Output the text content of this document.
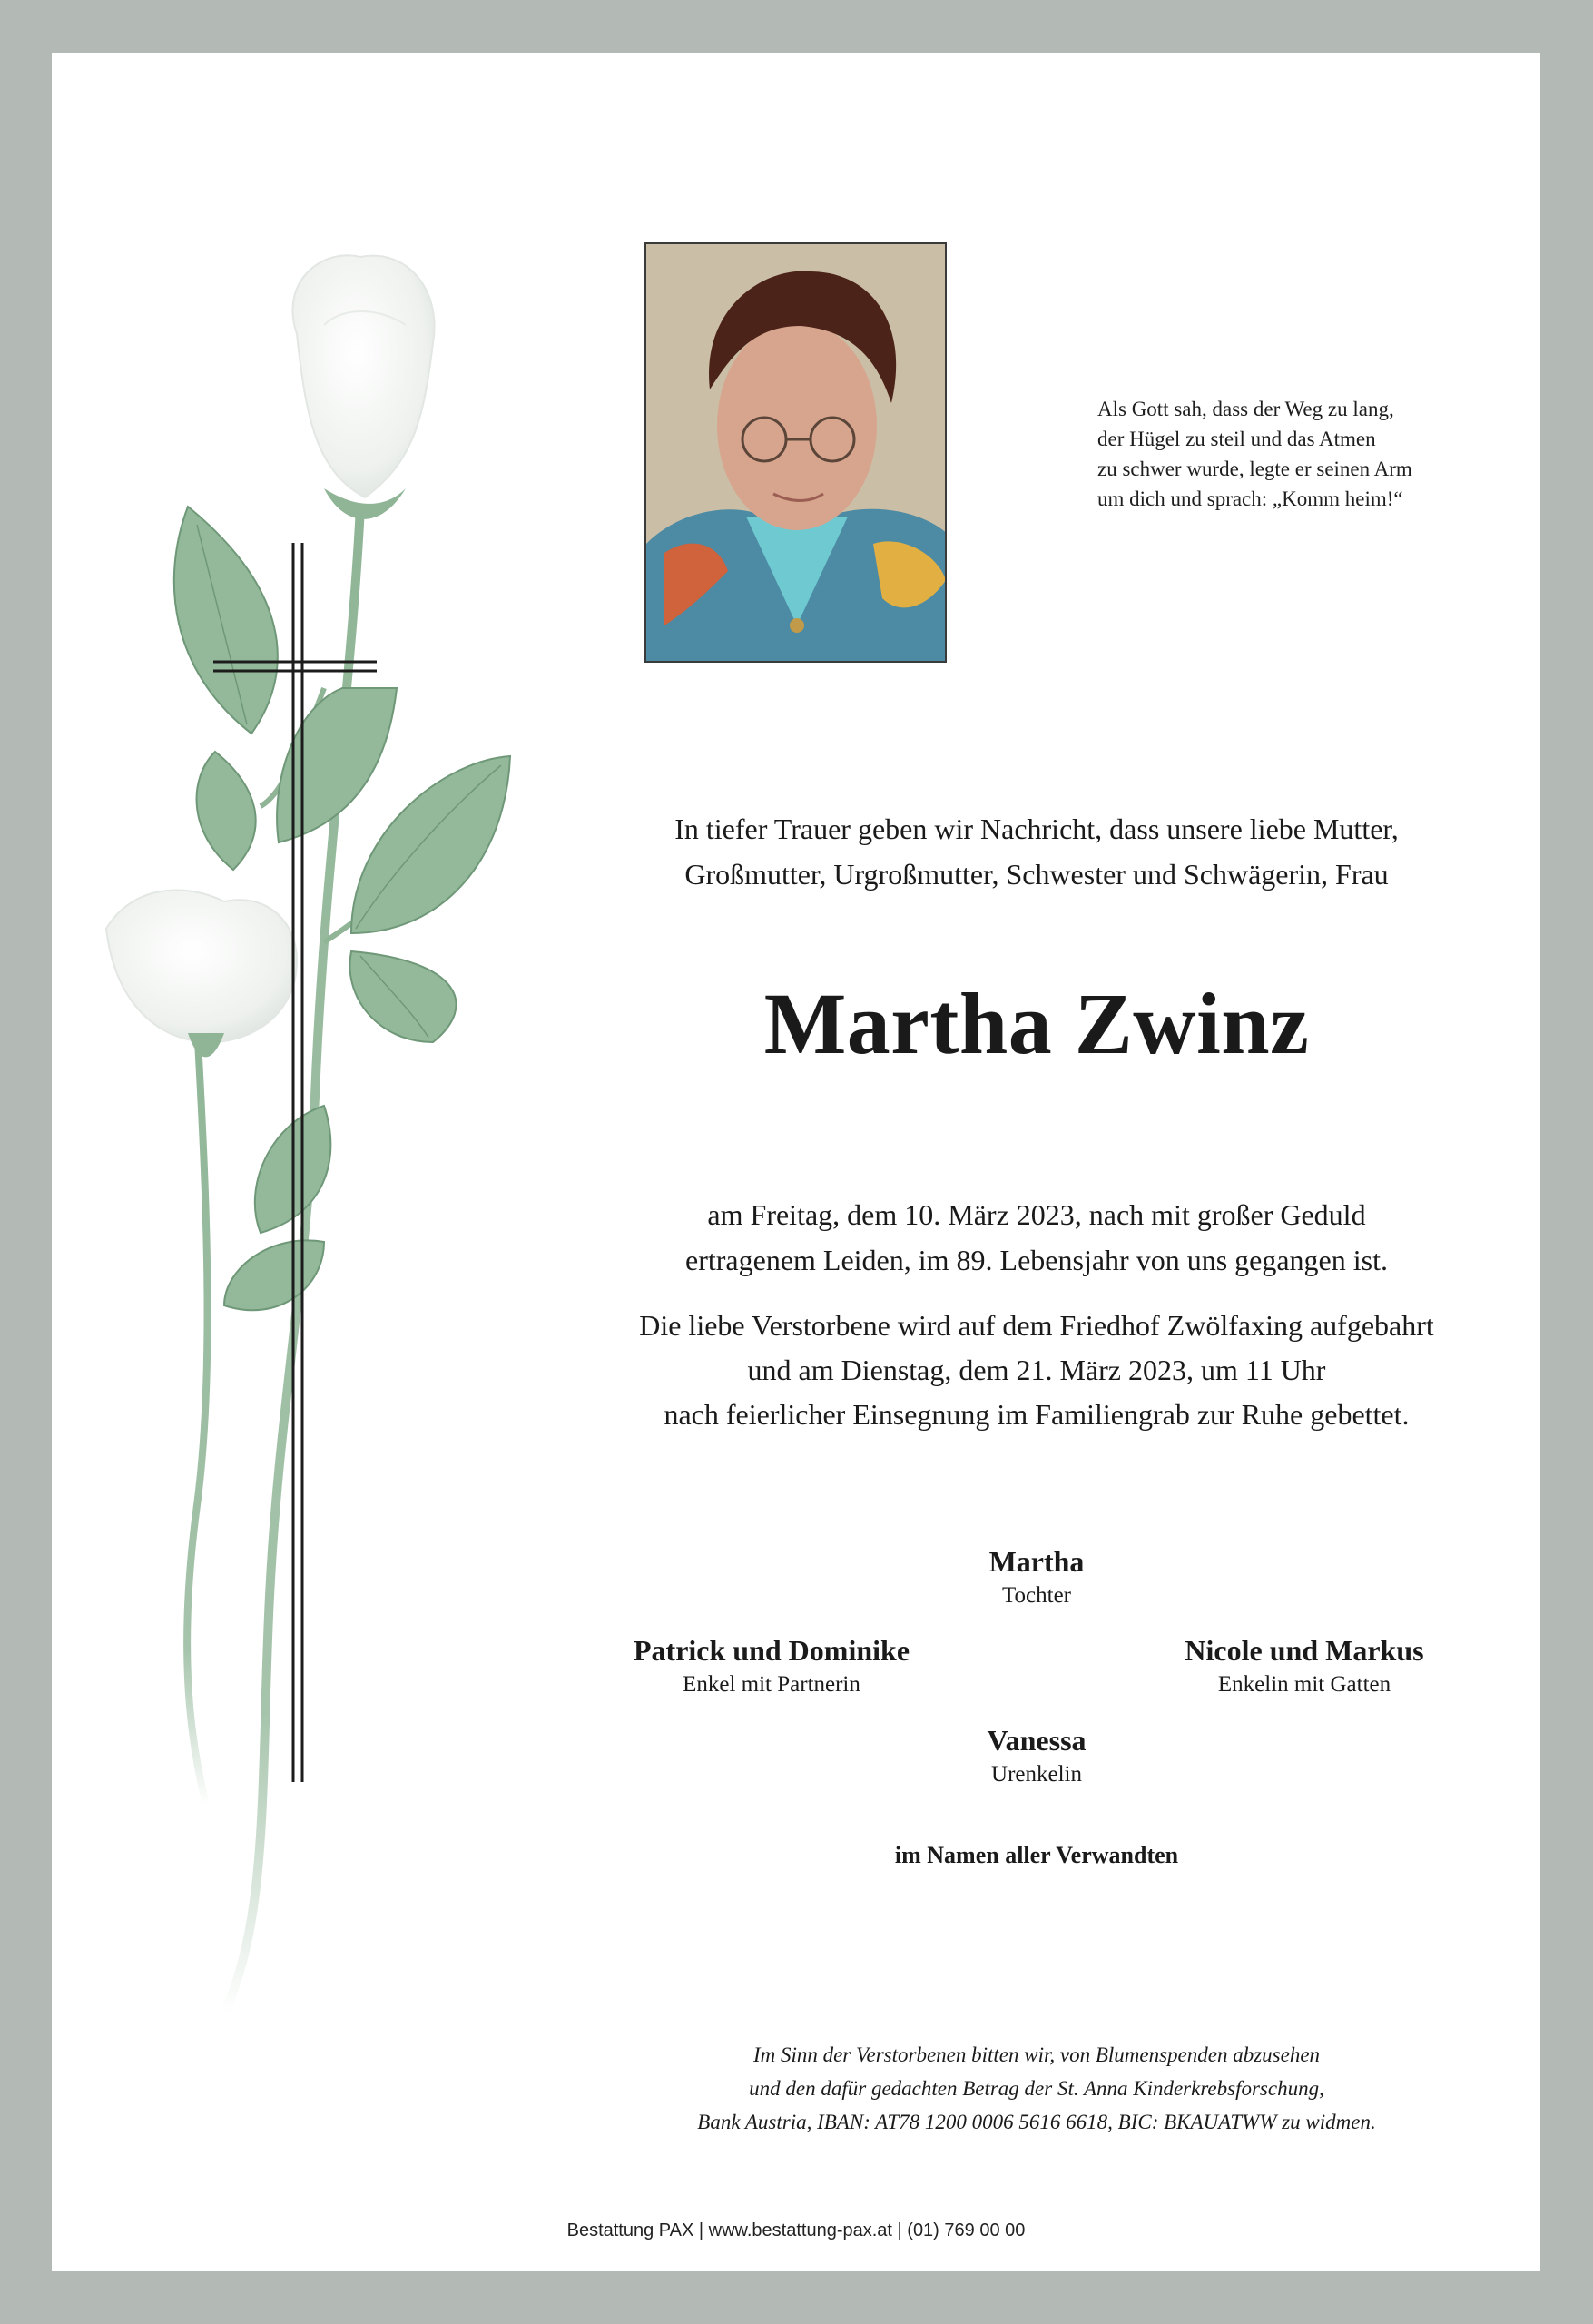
Als Gott sah, dass der Weg zu lang,
der Hügel zu steil und das Atmen
zu schwer wurde, legte er seinen Arm
um dich und sprach: „Komm heim!“
In tiefer Trauer geben wir Nachricht, dass unsere liebe Mutter,
Großmutter, Urgroßmutter, Schwester und Schwägerin, Frau
Martha Zwinz
am Freitag, dem 10. März 2023, nach mit großer Geduld
ertragenem Leiden, im 89. Lebensjahr von uns gegangen ist.
Die liebe Verstorbene wird auf dem Friedhof Zwölfaxing aufgebahrt
und am Dienstag, dem 21. März 2023, um 11 Uhr
nach feierlicher Einsegnung im Familiengrab zur Ruhe gebettet.
Martha
Tochter
Patrick und Dominike
Enkel mit Partnerin
Nicole und Markus
Enkelin mit Gatten
Vanessa
Urenkelin
im Namen aller Verwandten
Im Sinn der Verstorbenen bitten wir, von Blumenspenden abzusehen
und den dafür gedachten Betrag der St. Anna Kinderkrebsforschung,
Bank Austria, IBAN: AT78 1200 0006 5616 6618, BIC: BKAUATWW zu widmen.
Bestattung PAX | www.bestattung-pax.at | (01) 769 00 00
